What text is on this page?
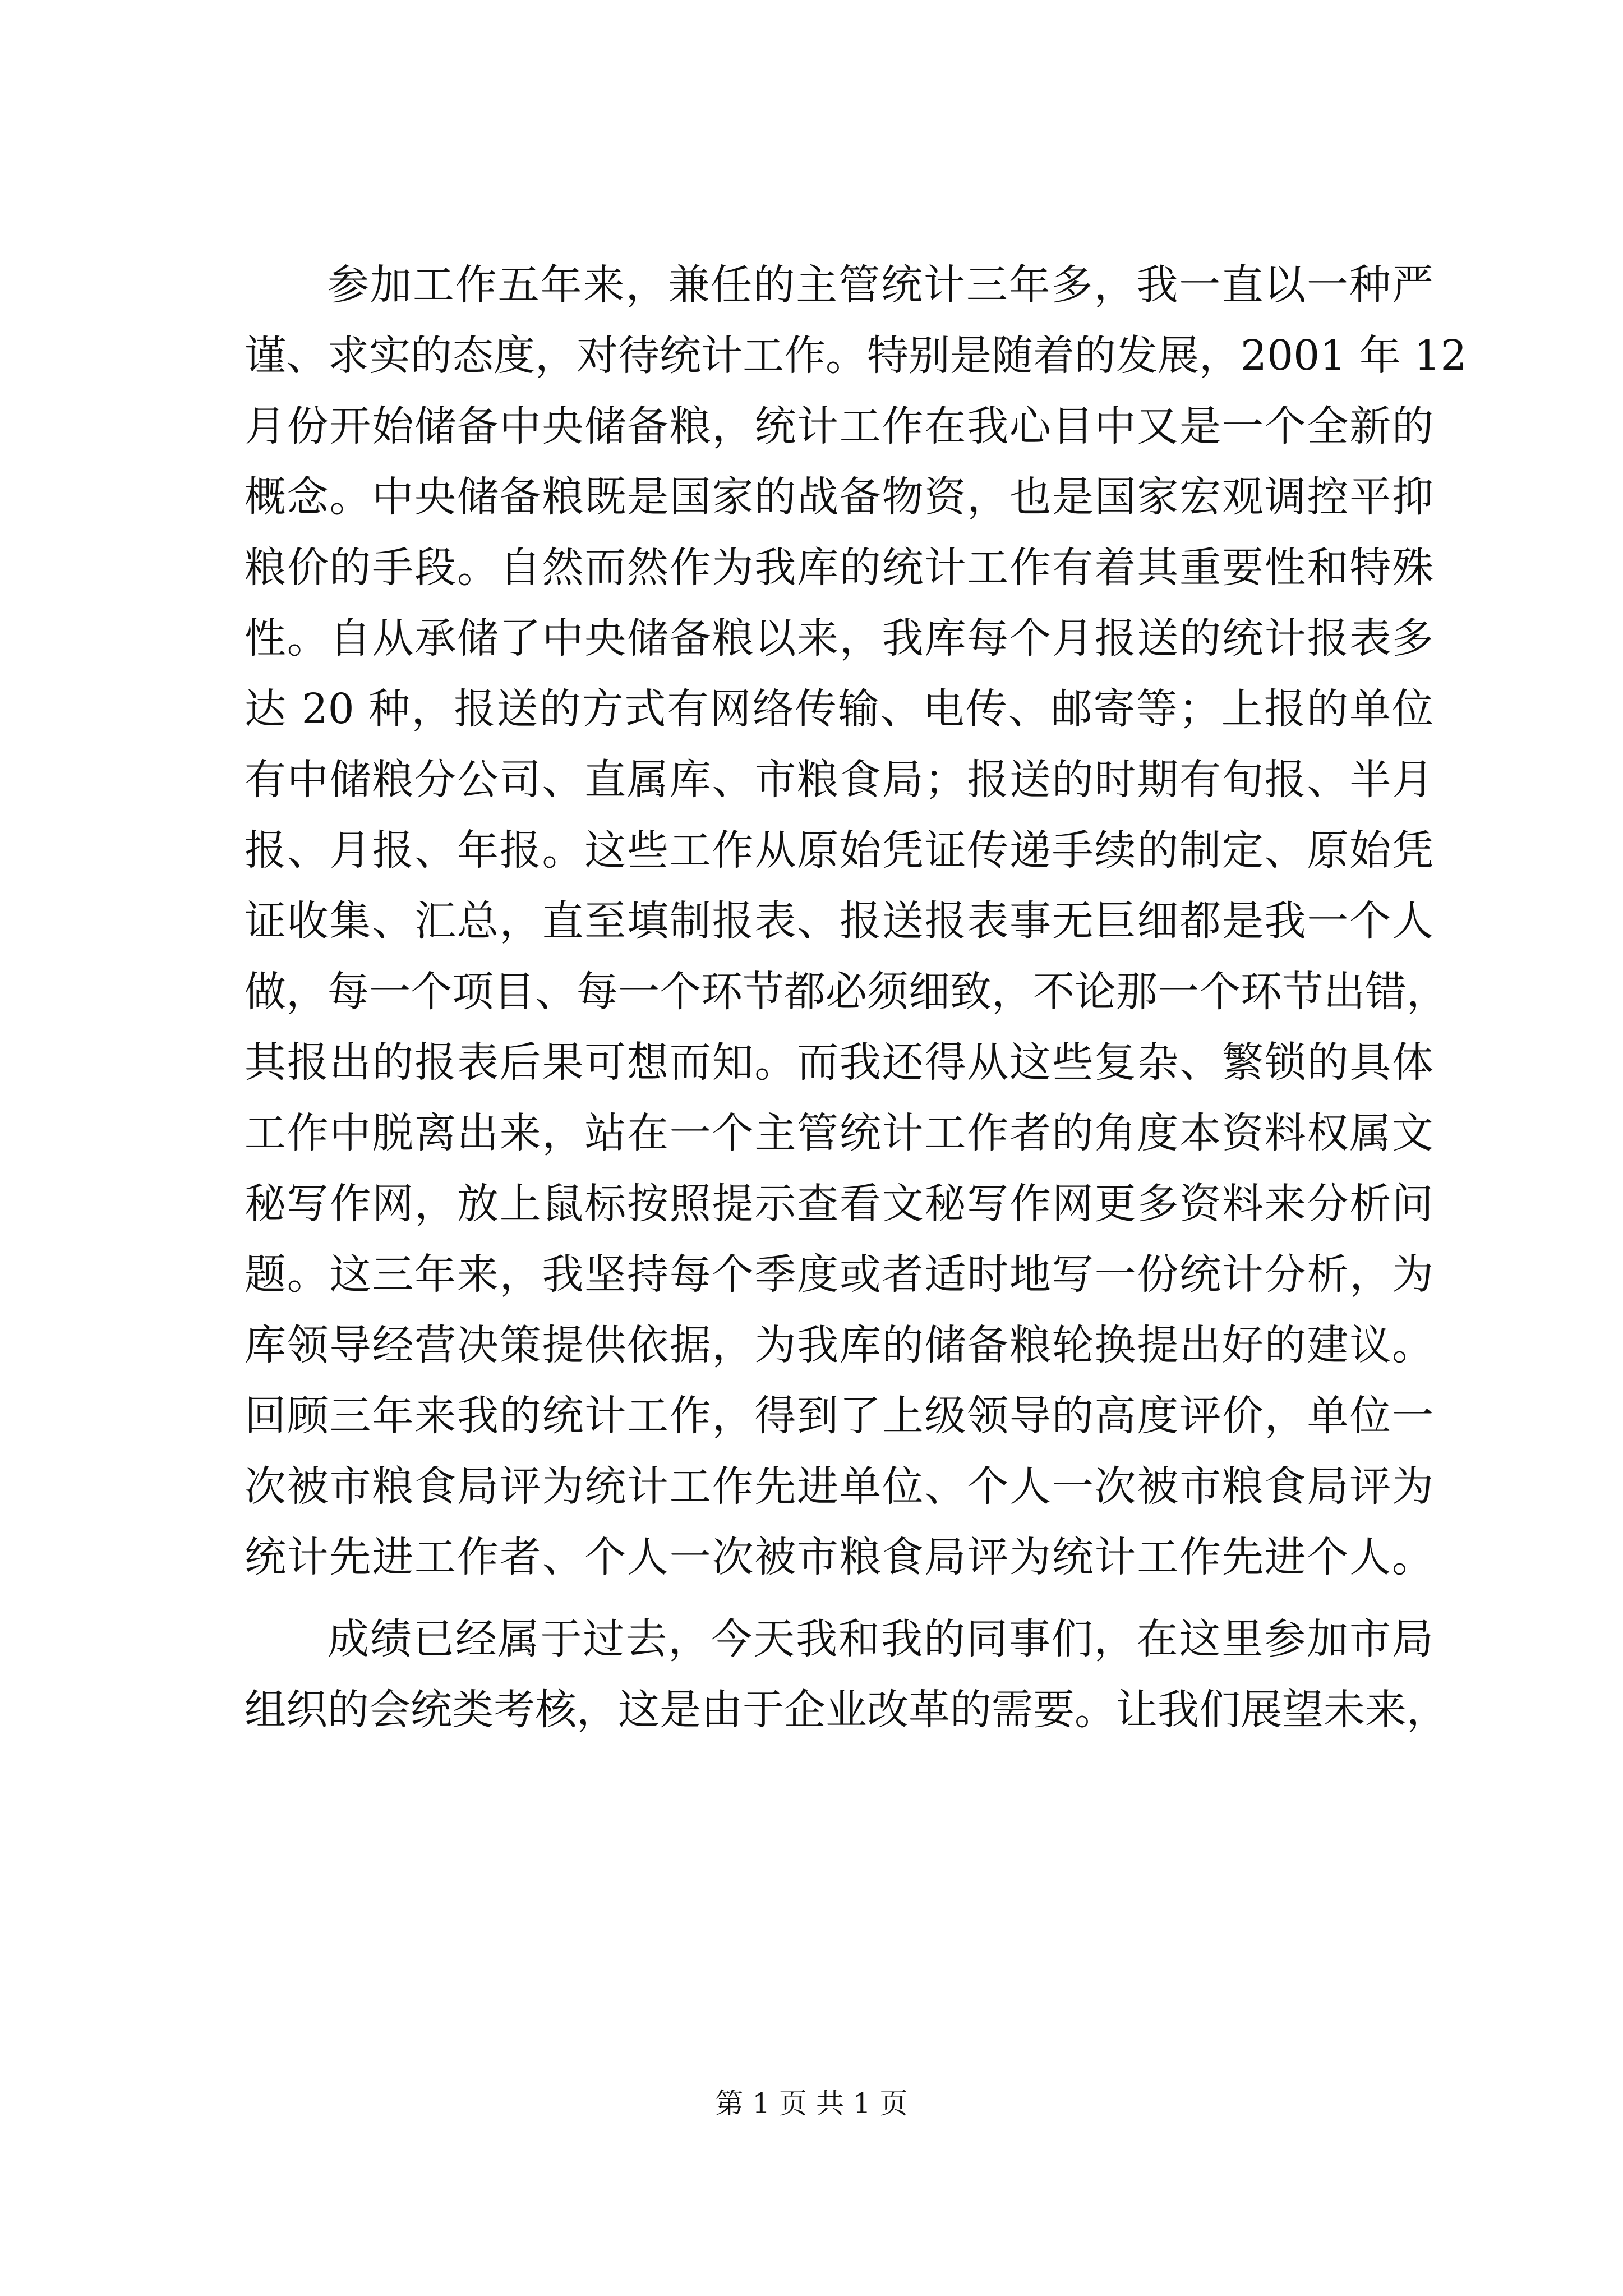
参加工作五年来，兼任的主管统计三年多，我一直以一种严
谨、求实的态度，对待统计工作。特别是随着的发展，2001 年 12
月份开始储备中央储备粮，统计工作在我心目中又是一个全新的
概念。中央储备粮既是国家的战备物资，也是国家宏观调控平抑
粮价的手段。自然而然作为我库的统计工作有着其重要性和特殊
性。自从承储了中央储备粮以来，我库每个月报送的统计报表多
达 20 种，报送的方式有网络传输、电传、邮寄等；上报的单位
有中储粮分公司、直属库、市粮食局；报送的时期有旬报、半月
报、月报、年报。这些工作从原始凭证传递手续的制定、原始凭
证收集、汇总，直至填制报表、报送报表事无巨细都是我一个人
做，每一个项目、每一个环节都必须细致，不论那一个环节出错，
其报出的报表后果可想而知。而我还得从这些复杂、繁锁的具体
工作中脱离出来，站在一个主管统计工作者的角度本资料权属文
秘写作网，放上鼠标按照提示查看文秘写作网更多资料来分析问
题。这三年来，我坚持每个季度或者适时地写一份统计分析，为
库领导经营决策提供依据，为我库的储备粮轮换提出好的建议。
回顾三年来我的统计工作，得到了上级领导的高度评价，单位一
次被市粮食局评为统计工作先进单位、个人一次被市粮食局评为
统计先进工作者、个人一次被市粮食局评为统计工作先进个人。
成绩已经属于过去，今天我和我的同事们，在这里参加市局
组织的会统类考核，这是由于企业改革的需要。让我们展望未来，
第 1 页 共 1 页
